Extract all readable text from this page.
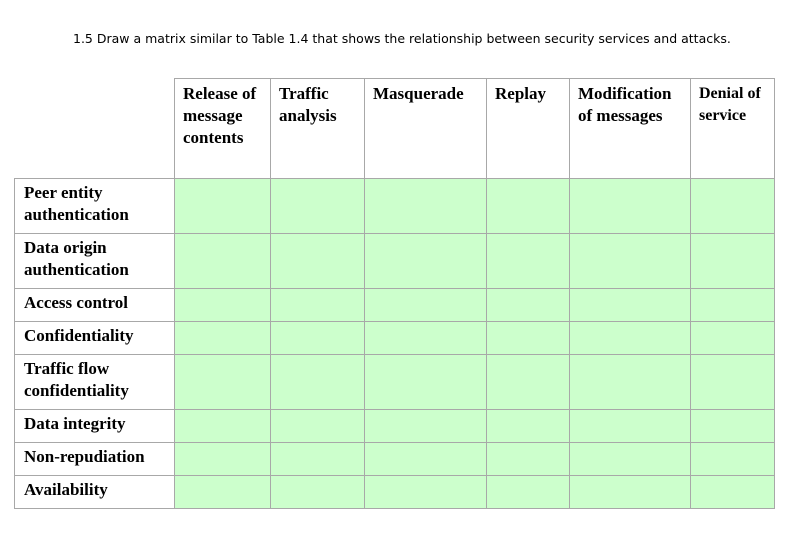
1.5 Draw a matrix similar to Table 1.4 that shows the relationship between security services and attacks.
	Release of message contents	Traffic analysis	Masquerade	Replay	Modification of messages	Denial of service
Peer entity authentication						
Data origin authentication						
Access control						
Confidentiality						
Traffic flow confidentiality						
Data integrity						
Non-repudiation						
Availability						
